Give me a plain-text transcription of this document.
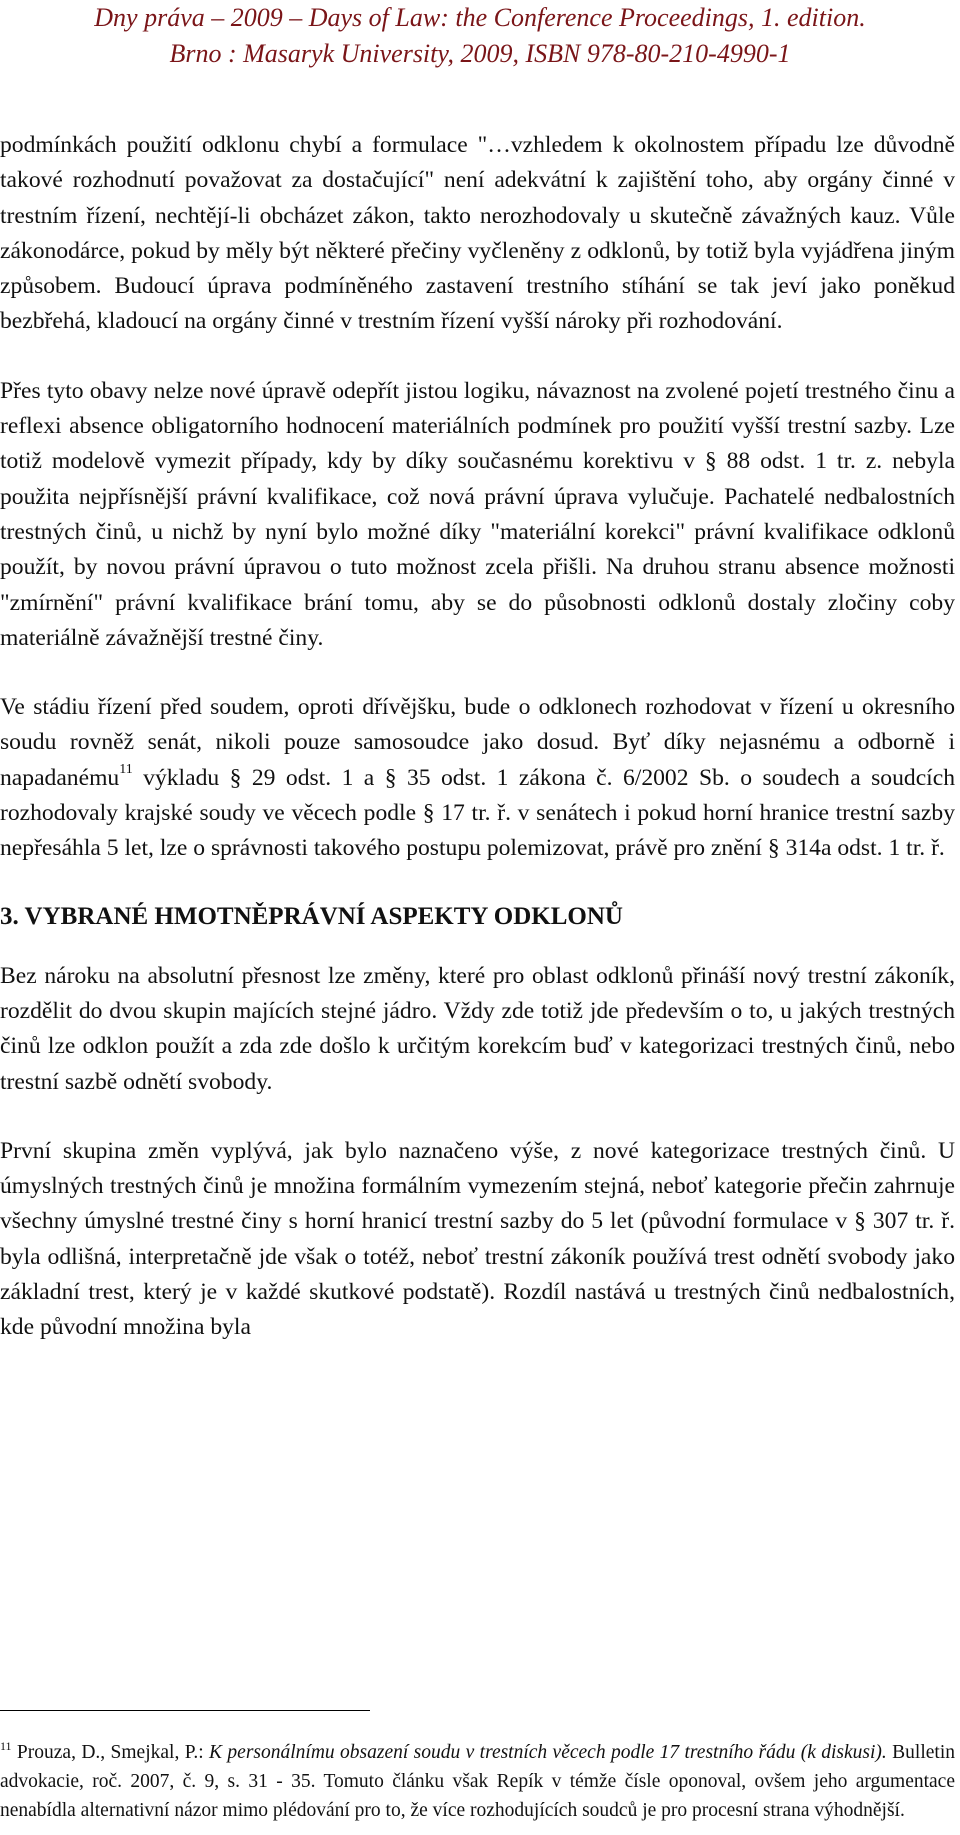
Dny práva – 2009 – Days of Law: the Conference Proceedings, 1. edition.
Brno : Masaryk University, 2009, ISBN 978-80-210-4990-1

podmínkách použití odklonu chybí a formulace "…vzhledem k okolnostem případu lze důvodně takové rozhodnutí považovat za dostačující" není adekvátní k zajištění toho, aby orgány činné v trestním řízení, nechtějí-li obcházet zákon, takto nerozhodovaly u skutečně závažných kauz. Vůle zákonodárce, pokud by měly být některé přečiny vyčleněny z odklonů, by totiž byla vyjádřena jiným způsobem. Budoucí úprava podmíněného zastavení trestního stíhání se tak jeví jako poněkud bezbřehá, kladoucí na orgány činné v trestním řízení vyšší nároky při rozhodování.

Přes tyto obavy nelze nové úpravě odepřít jistou logiku, návaznost na zvolené pojetí trestného činu a reflexi absence obligatorního hodnocení materiálních podmínek pro použití vyšší trestní sazby. Lze totiž modelově vymezit případy, kdy by díky současnému korektivu v § 88 odst. 1 tr. z. nebyla použita nejpřísnější právní kvalifikace, což nová právní úprava vylučuje. Pachatelé nedbalostních trestných činů, u nichž by nyní bylo možné díky "materiální korekci" právní kvalifikace odklonů použít, by novou právní úpravou o tuto možnost zcela přišli. Na druhou stranu absence možnosti "zmírnění" právní kvalifikace brání tomu, aby se do působnosti odklonů dostaly zločiny coby materiálně závažnější trestné činy.

Ve stádiu řízení před soudem, oproti dřívějšku, bude o odklonech rozhodovat v řízení u okresního soudu rovněž senát, nikoli pouze samosoudce jako dosud. Byť díky nejasnému a odborně i napadanému$^{11}$ výkladu § 29 odst. 1 a § 35 odst. 1 zákona č. 6/2002 Sb. o soudech a soudcích rozhodovaly krajské soudy ve věcech podle § 17 tr. ř. v senátech i pokud horní hranice trestní sazby nepřesáhla 5 let, lze o správnosti takového postupu polemizovat, právě pro znění § 314a odst. 1 tr. ř.

3. VYBRANÉ HMOTNĚPRÁVNÍ ASPEKTY ODKLONŮ

Bez nároku na absolutní přesnost lze změny, které pro oblast odklonů přináší nový trestní zákoník, rozdělit do dvou skupin majících stejné jádro. Vždy zde totiž jde především o to, u jakých trestných činů lze odklon použít a zda zde došlo k určitým korekcím buď v kategorizaci trestných činů, nebo trestní sazbě odnětí svobody.

První skupina změn vyplývá, jak bylo naznačeno výše, z nové kategorizace trestných činů. U úmyslných trestných činů je množina formálním vymezením stejná, neboť kategorie přečin zahrnuje všechny úmyslné trestné činy s horní hranicí trestní sazby do 5 let (původní formulace v § 307 tr. ř. byla odlišná, interpretačně jde však o totéž, neboť trestní zákoník používá trest odnětí svobody jako základní trest, který je v každé skutkové podstatě). Rozdíl nastává u trestných činů nedbalostních, kde původní množina byla

$^{11}$ Prouza, D., Smejkal, P.: K personálnímu obsazení soudu v trestních věcech podle 17 trestního řádu (k diskusi). Bulletin advokacie, roč. 2007, č. 9, s. 31 - 35. Tomuto článku však Repík v témže čísle oponoval, ovšem jeho argumentace nenabídla alternativní názor mimo plédování pro to, že více rozhodujících soudců je pro procesní strana výhodnější.
